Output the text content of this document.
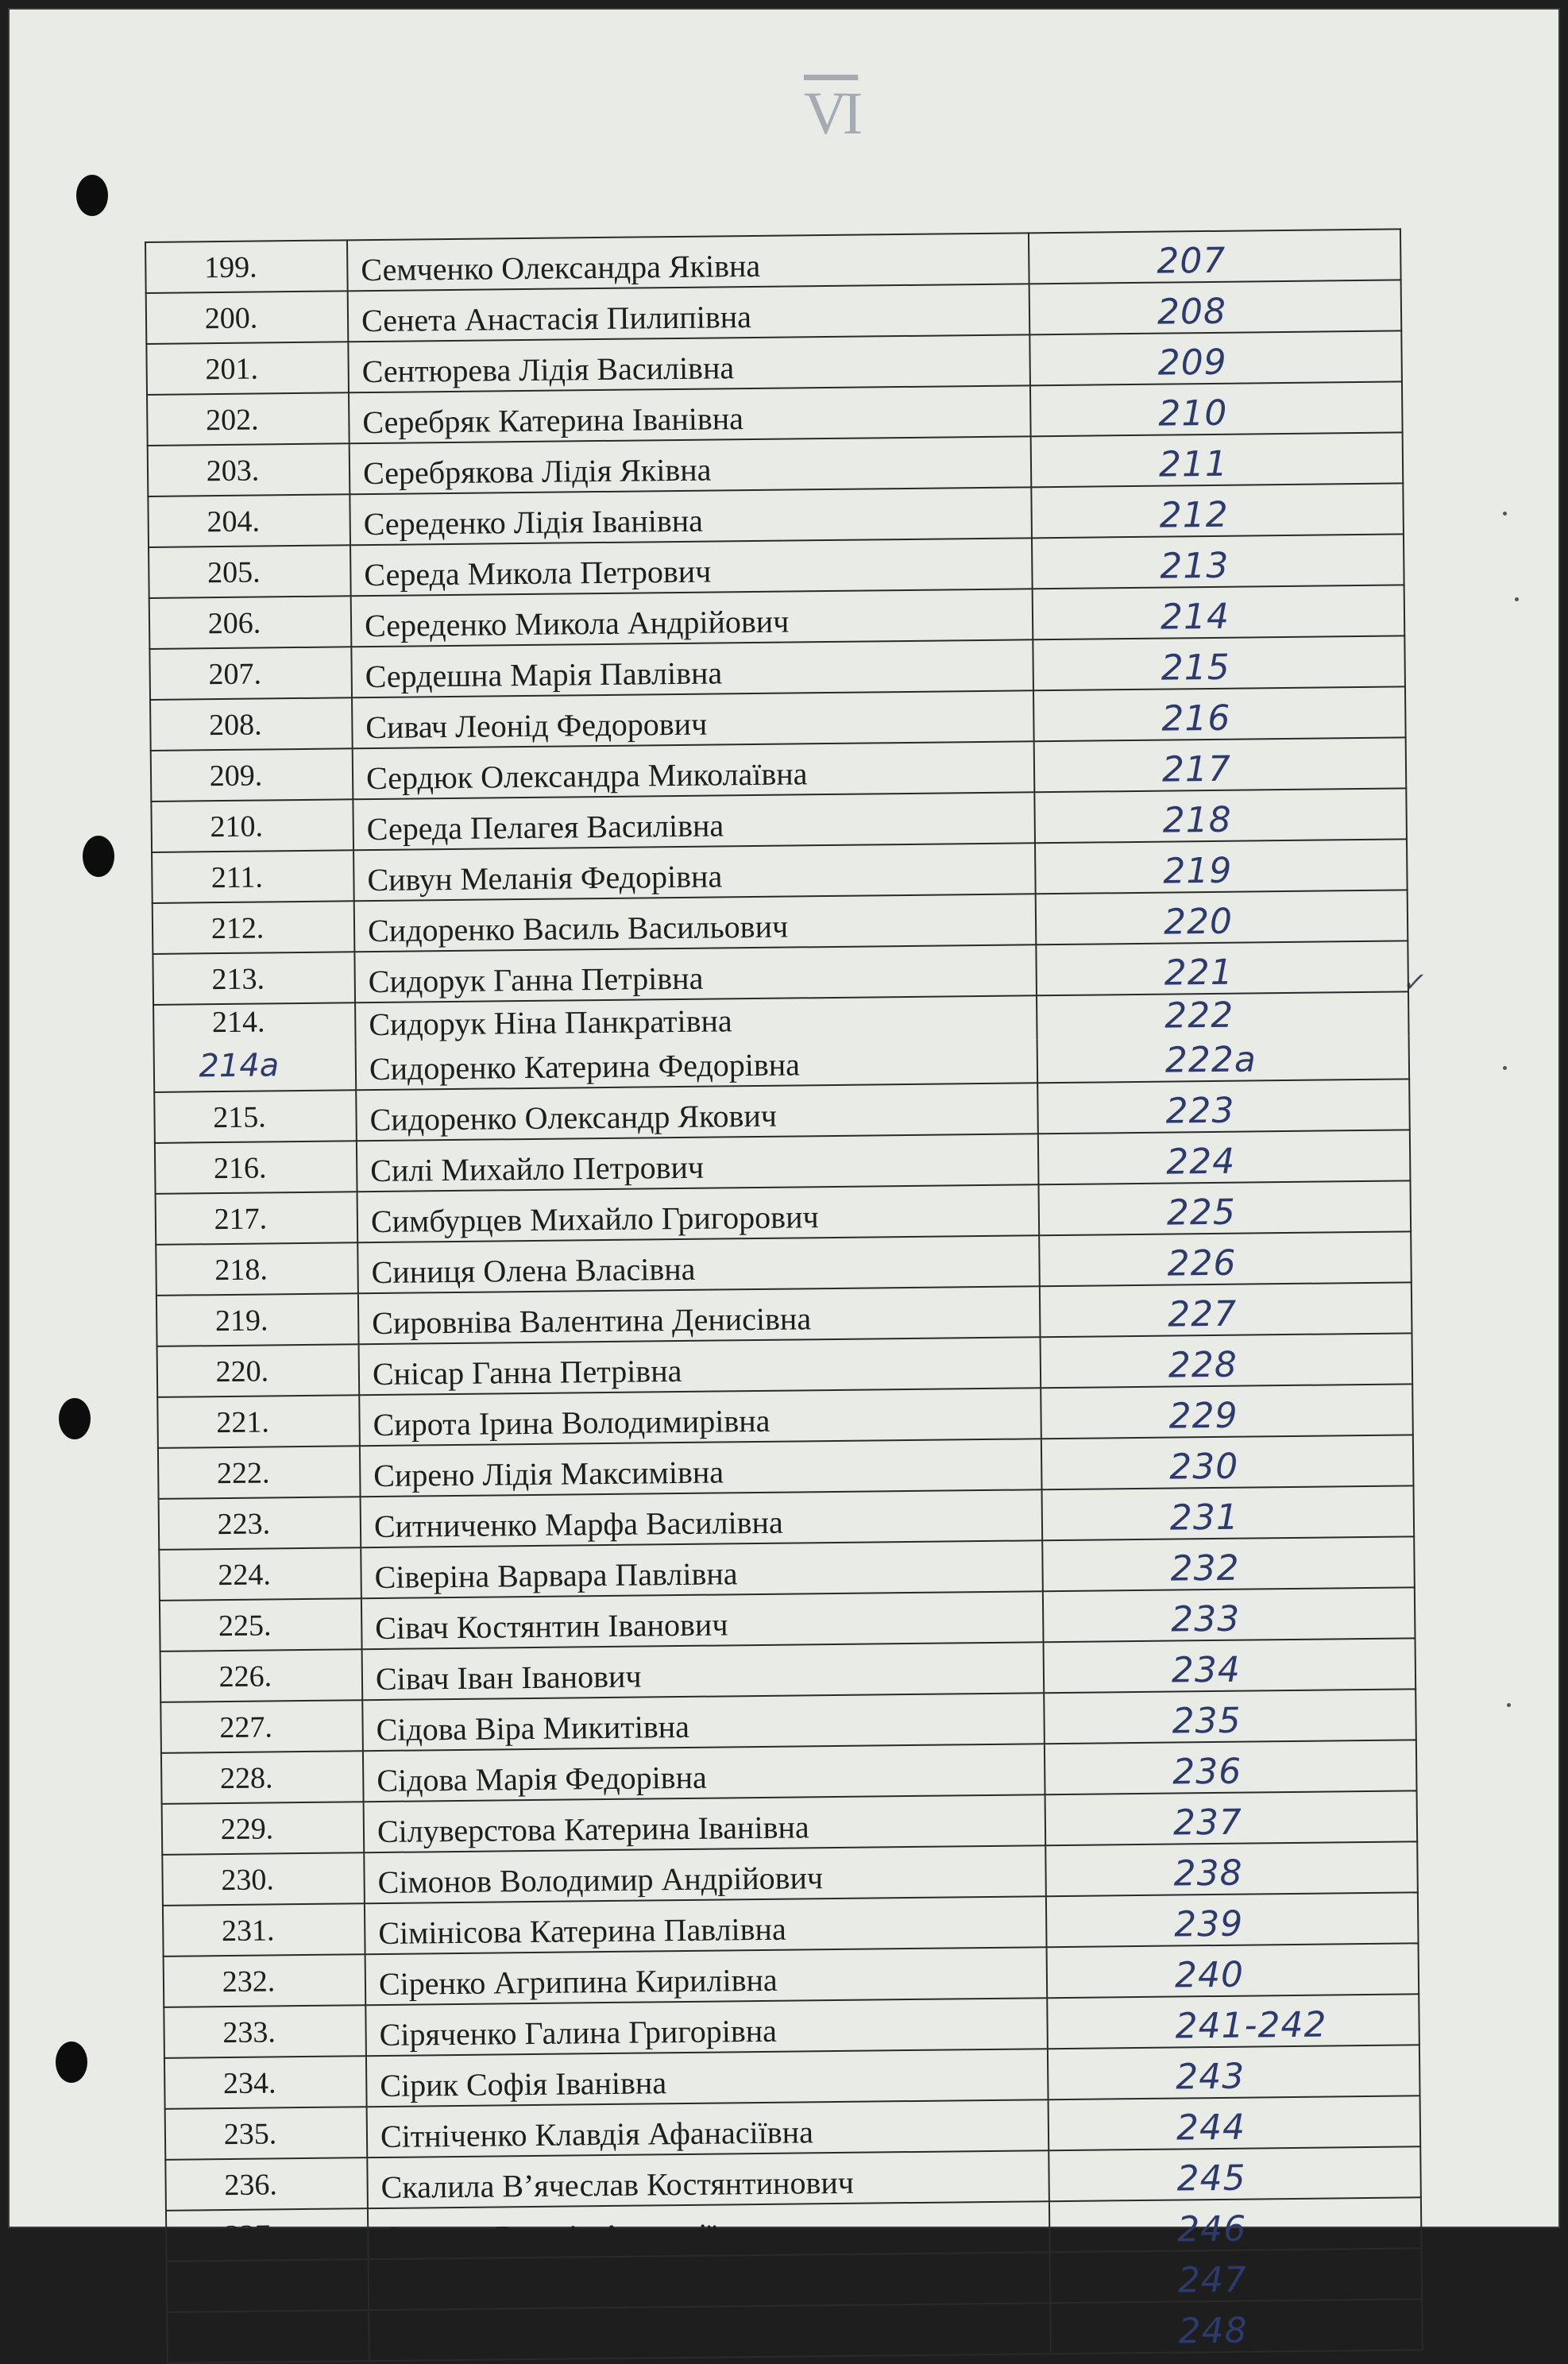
$\overline{VI}$
✓
199.	Семченко Олександра Яківна	207
200.	Сенета Анастасія Пилипівна	208
201.	Сентюрева Лідія Василівна	209
202.	Серебряк Катерина Іванівна	210
203.	Серебрякова Лідія Яківна	211
204.	Середенко Лідія Іванівна	212
205.	Середа Микола Петрович	213
206.	Середенко Микола Андрійович	214
207.	Сердешна Марія Павлівна	215
208.	Сивач Леонід Федорович	216
209.	Сердюк Олександра Миколаївна	217
210.	Середа Пелагея Василівна	218
211.	Сивун Меланія Федорівна	219
212.	Сидоренко Василь Васильович	220
213.	Сидорук Ганна Петрівна	221
214.	Сидорук Ніна Панкратівна	222
214а	Сидоренко Катерина Федорівна	222а
215.	Сидоренко Олександр Якович	223
216.	Силі Михайло Петрович	224
217.	Симбурцев Михайло Григорович	225
218.	Синиця Олена Власівна	226
219.	Сировніва Валентина Денисівна	227
220.	Снісар Ганна Петрівна	228
221.	Сирота Ірина Володимирівна	229
222.	Сирено Лідія Максимівна	230
223.	Ситниченко Марфа Василівна	231
224.	Сіверіна Варвара Павлівна	232
225.	Сівач Костянтин Іванович	233
226.	Сівач Іван Іванович	234
227.	Сідова Віра Микитівна	235
228.	Сідова Марія Федорівна	236
229.	Сілуверстова Катерина Іванівна	237
230.	Сімонов Володимир Андрійович	238
231.	Сімінісова Катерина Павлівна	239
232.	Сіренко Агрипина Кирилівна	240
233.	Сіряченко Галина Григорівна	241-242
234.	Сірик Софія Іванівна	243
235.	Сітніченко Клавдія Афанасіївна	244
236.	Скалила В’ячеслав Костянтинович	245
237.	Скорич Євгенія Арсентіївна	246
238.	Склерук Іван Тимофійович	247
239.	Склерук Клавдія Андріївна	248
